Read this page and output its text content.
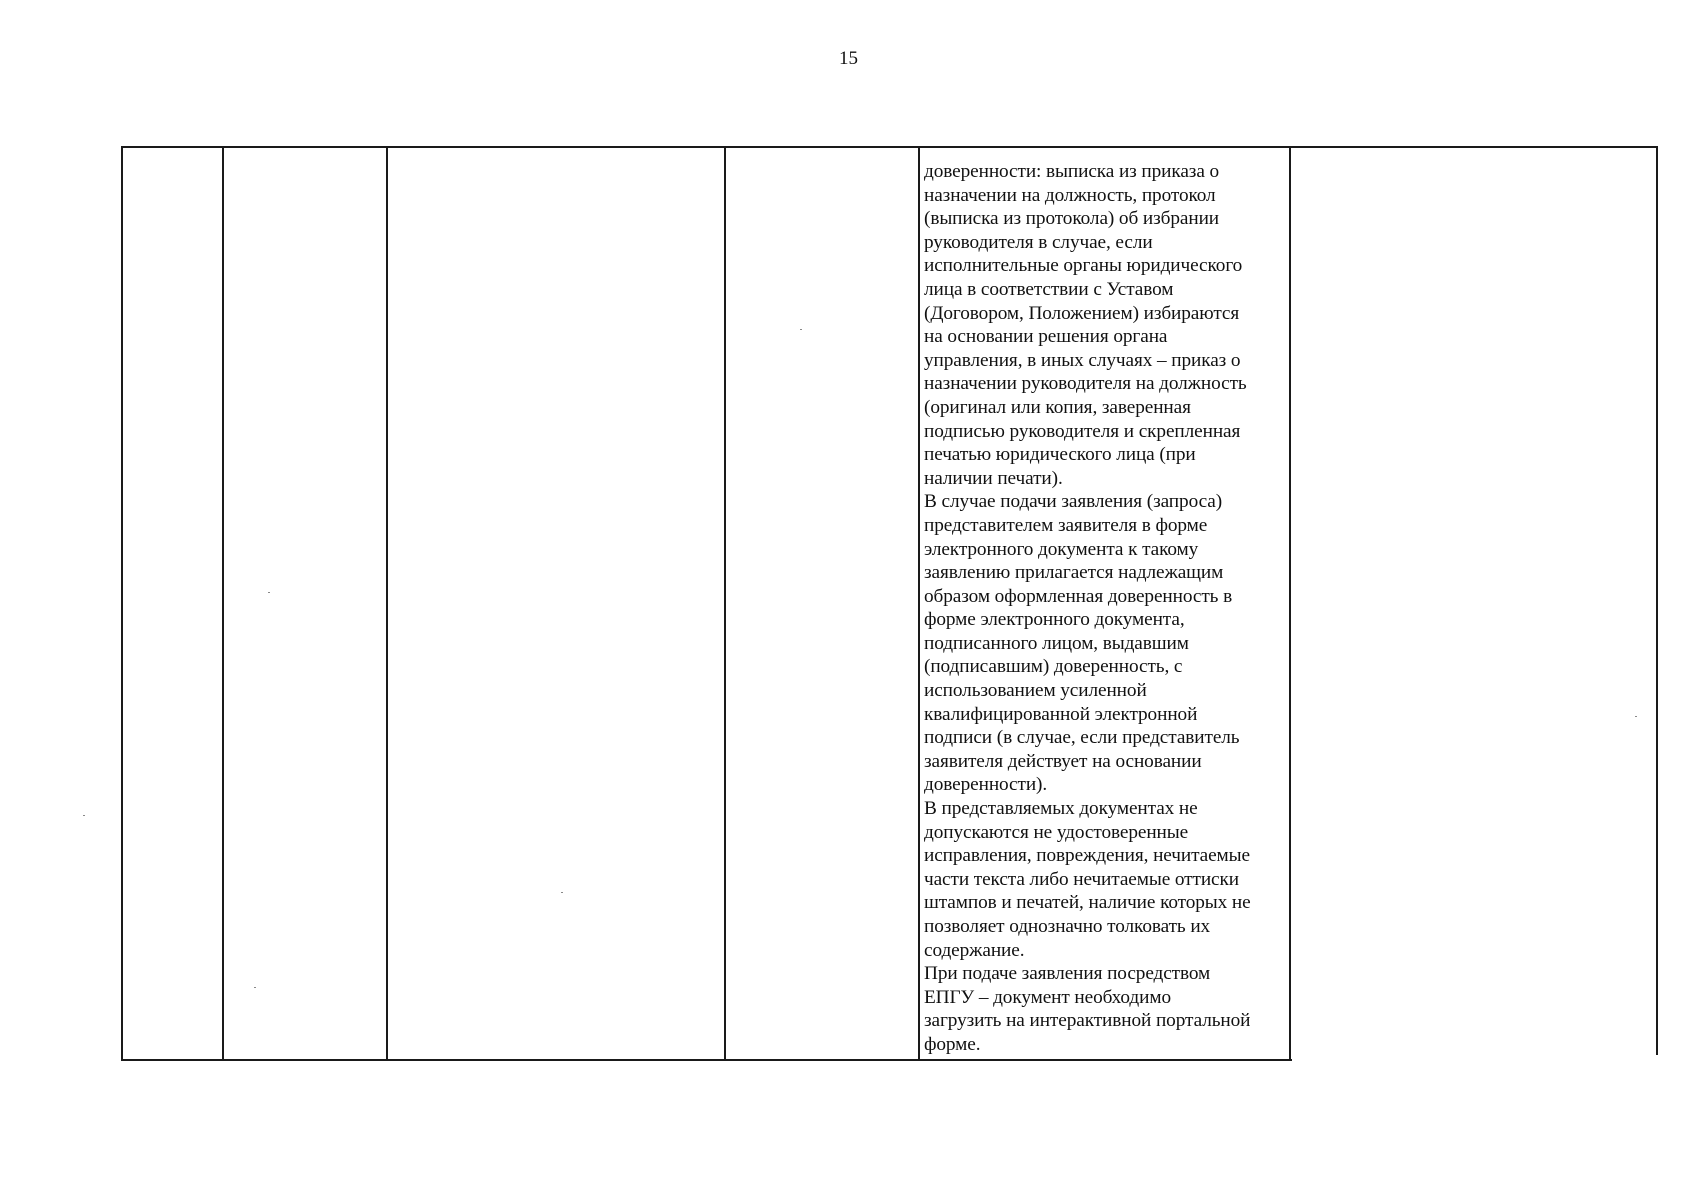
15
доверенности: выписка из приказа о
назначении на должность, протокол
(выписка из протокола) об избрании
руководителя в случае, если
исполнительные органы юридического
лица в соответствии с Уставом
(Договором, Положением) избираются
на основании решения органа
управления, в иных случаях – приказ о
назначении руководителя на должность
(оригинал или копия, заверенная
подписью руководителя и скрепленная
печатью юридического лица (при
наличии печати).
В случае подачи заявления (запроса)
представителем заявителя в форме
электронного документа к такому
заявлению прилагается надлежащим
образом оформленная доверенность в
форме электронного документа,
подписанного лицом, выдавшим
(подписавшим) доверенность, с
использованием усиленной
квалифицированной электронной
подписи (в случае, если представитель
заявителя действует на основании
доверенности).
В представляемых документах не
допускаются не удостоверенные
исправления, повреждения, нечитаемые
части текста либо нечитаемые оттиски
штампов и печатей, наличие которых не
позволяет однозначно толковать их
содержание.
При подаче заявления посредством
ЕПГУ – документ необходимо
загрузить на интерактивной портальной
форме.
